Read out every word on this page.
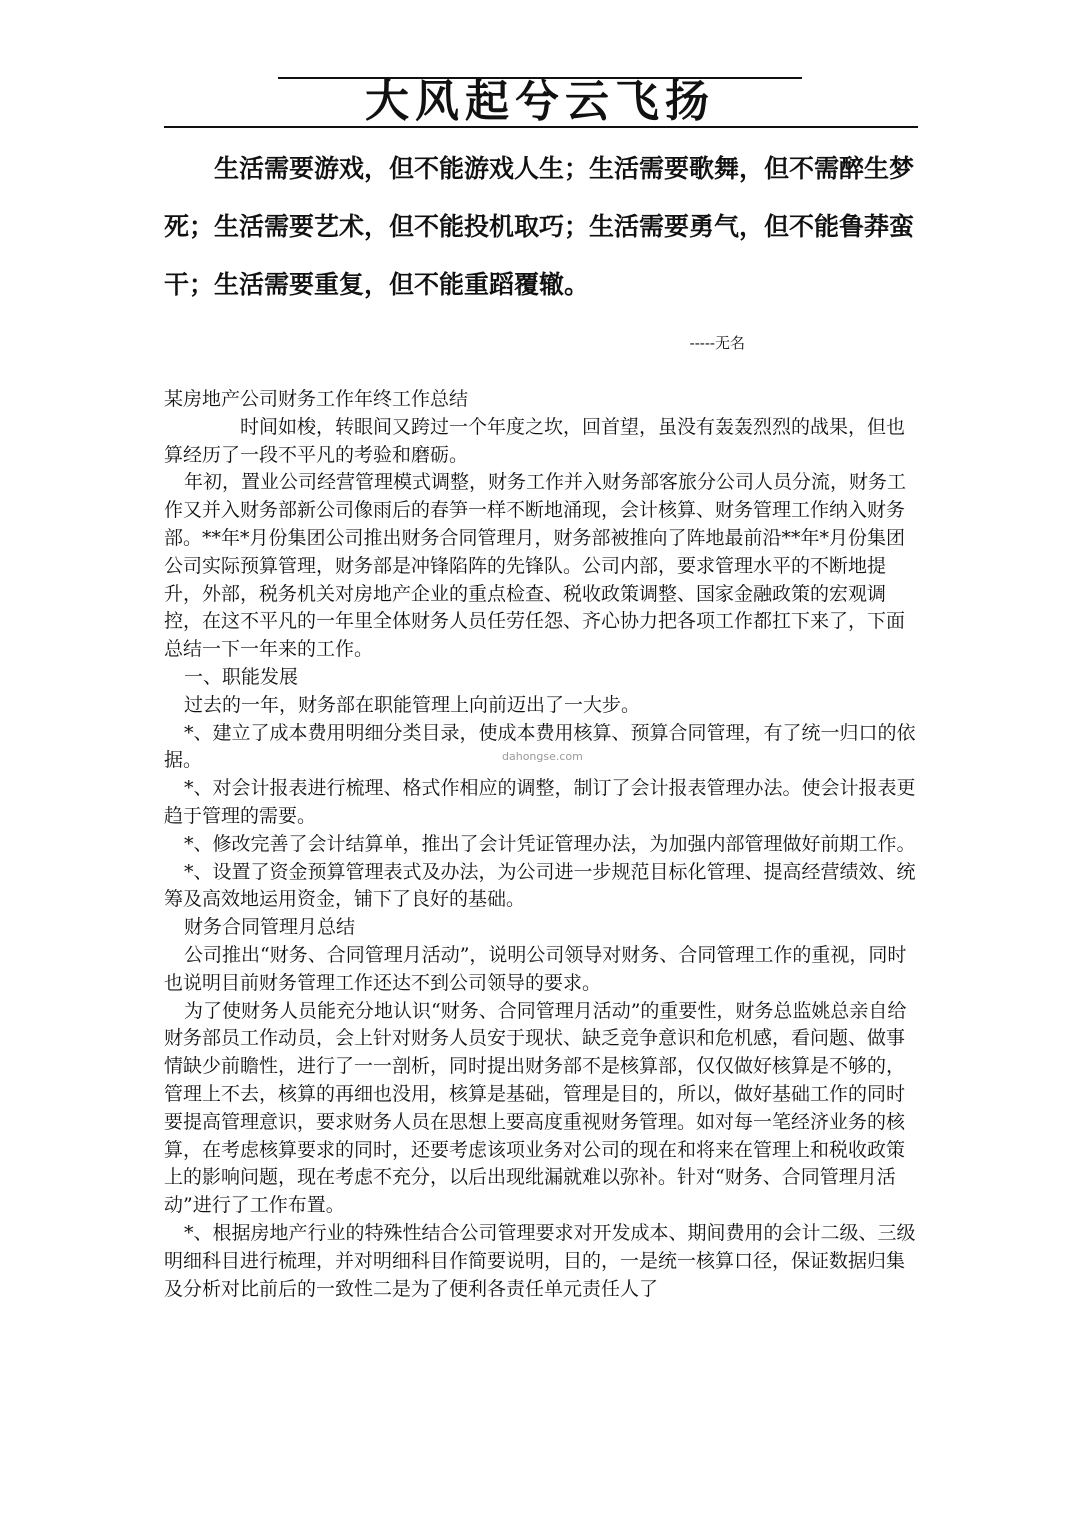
大风起兮云飞扬

生活需要游戏，但不能游戏人生；生活需要歌舞，但不需醉生梦死；生活需要艺术，但不能投机取巧；生活需要勇气，但不能鲁莽蛮干；生活需要重复，但不能重蹈覆辙。

-----无名

某房地产公司财务工作年终工作总结

时间如梭，转眼间又跨过一个年度之坎，回首望，虽没有轰轰烈烈的战果，但也算经历了一段不平凡的考验和磨砺。

年初，置业公司经营管理模式调整，财务工作并入财务部客旅分公司人员分流，财务工作又并入财务部新公司像雨后的春笋一样不断地涌现，会计核算、财务管理工作纳入财务部。**年*月份集团公司推出财务合同管理月，财务部被推向了阵地最前沿**年*月份集团公司实际预算管理，财务部是冲锋陷阵的先锋队。公司内部，要求管理水平的不断地提升，外部，税务机关对房地产企业的重点检查、税收政策调整、国家金融政策的宏观调控，在这不平凡的一年里全体财务人员任劳任怨、齐心协力把各项工作都扛下来了，下面总结一下一年来的工作。

一、职能发展

过去的一年，财务部在职能管理上向前迈出了一大步。

*、建立了成本费用明细分类目录，使成本费用核算、预算合同管理，有了统一归口的依据。

*、对会计报表进行梳理、格式作相应的调整，制订了会计报表管理办法。使会计报表更趋于管理的需要。

*、修改完善了会计结算单，推出了会计凭证管理办法，为加强内部管理做好前期工作。

*、设置了资金预算管理表式及办法，为公司进一步规范目标化管理、提高经营绩效、统筹及高效地运用资金，铺下了良好的基础。

财务合同管理月总结

公司推出“财务、合同管理月活动”，说明公司领导对财务、合同管理工作的重视，同时也说明目前财务管理工作还达不到公司领导的要求。

为了使财务人员能充分地认识“财务、合同管理月活动”的重要性，财务总监姚总亲自给财务部员工作动员，会上针对财务人员安于现状、缺乏竞争意识和危机感，看问题、做事情缺少前瞻性，进行了一一剖析，同时提出财务部不是核算部，仅仅做好核算是不够的，管理上不去，核算的再细也没用，核算是基础，管理是目的，所以，做好基础工作的同时要提高管理意识，要求财务人员在思想上要高度重视财务管理。如对每一笔经济业务的核算，在考虑核算要求的同时，还要考虑该项业务对公司的现在和将来在管理上和税收政策上的影响问题，现在考虑不充分，以后出现纰漏就难以弥补。针对“财务、合同管理月活动”进行了工作布置。

*、根据房地产行业的特殊性结合公司管理要求对开发成本、期间费用的会计二级、三级明细科目进行梳理，并对明细科目作简要说明，目的，一是统一核算口径，保证数据归集及分析对比前后的一致性二是为了便利各责任单元责任人了

dahongse.com
